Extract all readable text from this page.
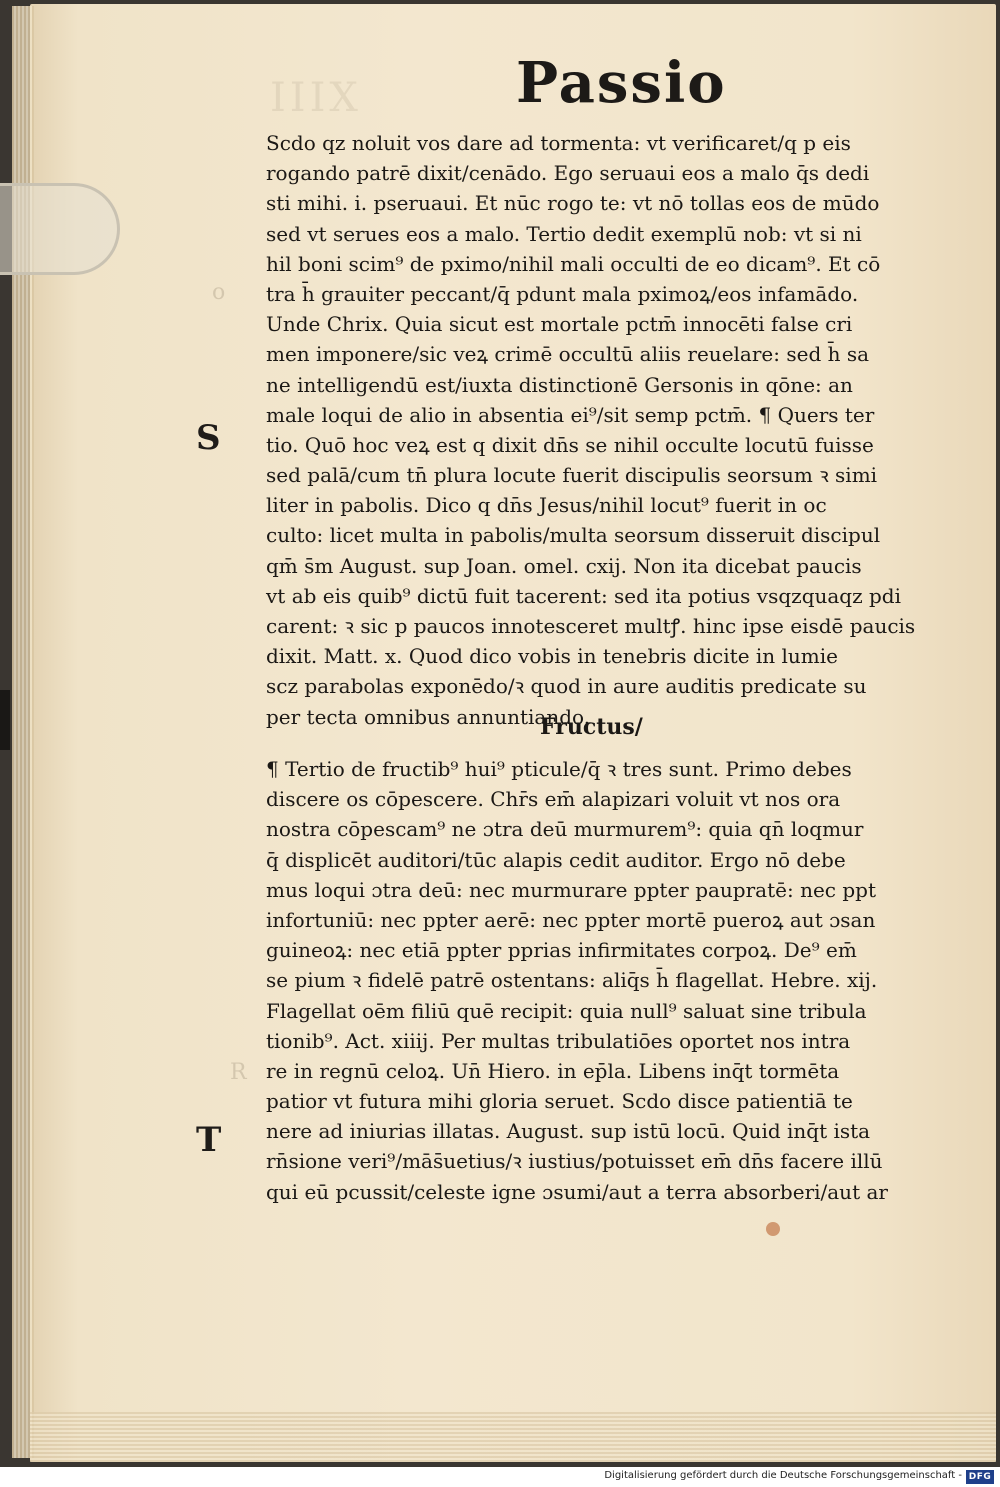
IIIX	Passio
S
T
o
R
Scdo qz noluit vos dare ad tormenta: vt verificaret/q p eis
rogando patrē dixit/cenādo. Ego seruaui eos a malo q̄s dedi
sti mihi. i. pseruaui. Et nūc rogo te: vt nō tollas eos de mūdo
sed vt serues eos a malo. Tertio dedit exemplū nob: vt si ni
hil boni scim⁹ de pximo/nihil mali occulti de eo dicam⁹. Et cō
tra h̄ grauiter peccant/q̄ pdunt mala pximoꝝ/eos infamādo.
Unde Chrix. Quia sicut est mortale pctm̄ innocēti false cri
men imponere/sic veꝝ crimē occultū aliis reuelare: sed h̄ sa
ne intelligendū est/iuxta distinctionē Gersonis in qōne: an
male loqui de alio in absentia ei⁹/sit semp pctm̄. ¶ Quers ter
tio. Quō hoc veꝝ est q dixit dn̄s se nihil occulte locutū fuisse
sed palā/cum tn̄ plura locute fuerit discipulis seorsum ꝛ simi
liter in pabolis. Dico q dn̄s Jesus/nihil locut⁹ fuerit in oc
culto: licet multa in pabolis/multa seorsum disseruit discipul
qm̄ s̄m August. sup Joan. omel. cxij. Non ita dicebat paucis
vt ab eis quib⁹ dictū fuit tacerent: sed ita potius vsqzquaqz pdi
carent: ꝛ sic p paucos innotesceret multꝭ. hinc ipse eisdē paucis
dixit. Matt. x. Quod dico vobis in tenebris dicite in lumie
scz parabolas exponēdo/ꝛ quod in aure auditis predicate su
per tecta omnibus annuntiando.
Fructus/
¶ Tertio de fructib⁹ hui⁹ pticule/q̄ ꝛ tres sunt. Primo debes
discere os cōpescere. Chr̄s em̄ alapizari voluit vt nos ora
nostra cōpescam⁹ ne ɔtra deū murmurem⁹: quia qn̄ loqmur
q̄ displicēt auditori/tūc alapis cedit auditor. Ergo nō debe
mus loqui ɔtra deū: nec murmurare ppter paupratē: nec ppt
infortuniū: nec ppter aerē: nec ppter mortē pueroꝝ aut ɔsan
guineoꝝ: nec etiā ppter pprias infirmitates corpoꝝ. De⁹ em̄
se pium ꝛ fidelē patrē ostentans: aliq̄s h̄ flagellat. Hebre. xij.
Flagellat oēm filiū quē recipit: quia null⁹ saluat sine tribula
tionib⁹. Act. xiiij. Per multas tribulatiōes oportet nos intra
re in regnū celoꝝ. Un̄ Hiero. in ep̄la. Libens inq̄t tormēta
patior vt futura mihi gloria seruet. Scdo disce patientiā te
nere ad iniurias illatas. August. sup istū locū. Quid inq̄t ista
rn̄sione veri⁹/mās̄uetius/ꝛ iustius/potuisset em̄ dn̄s facere illū
qui eū pcussit/celeste igne ɔsumi/aut a terra absorberi/aut ar
Digitalisierung gefördert durch die Deutsche Forschungsgemeinschaft - DFG
